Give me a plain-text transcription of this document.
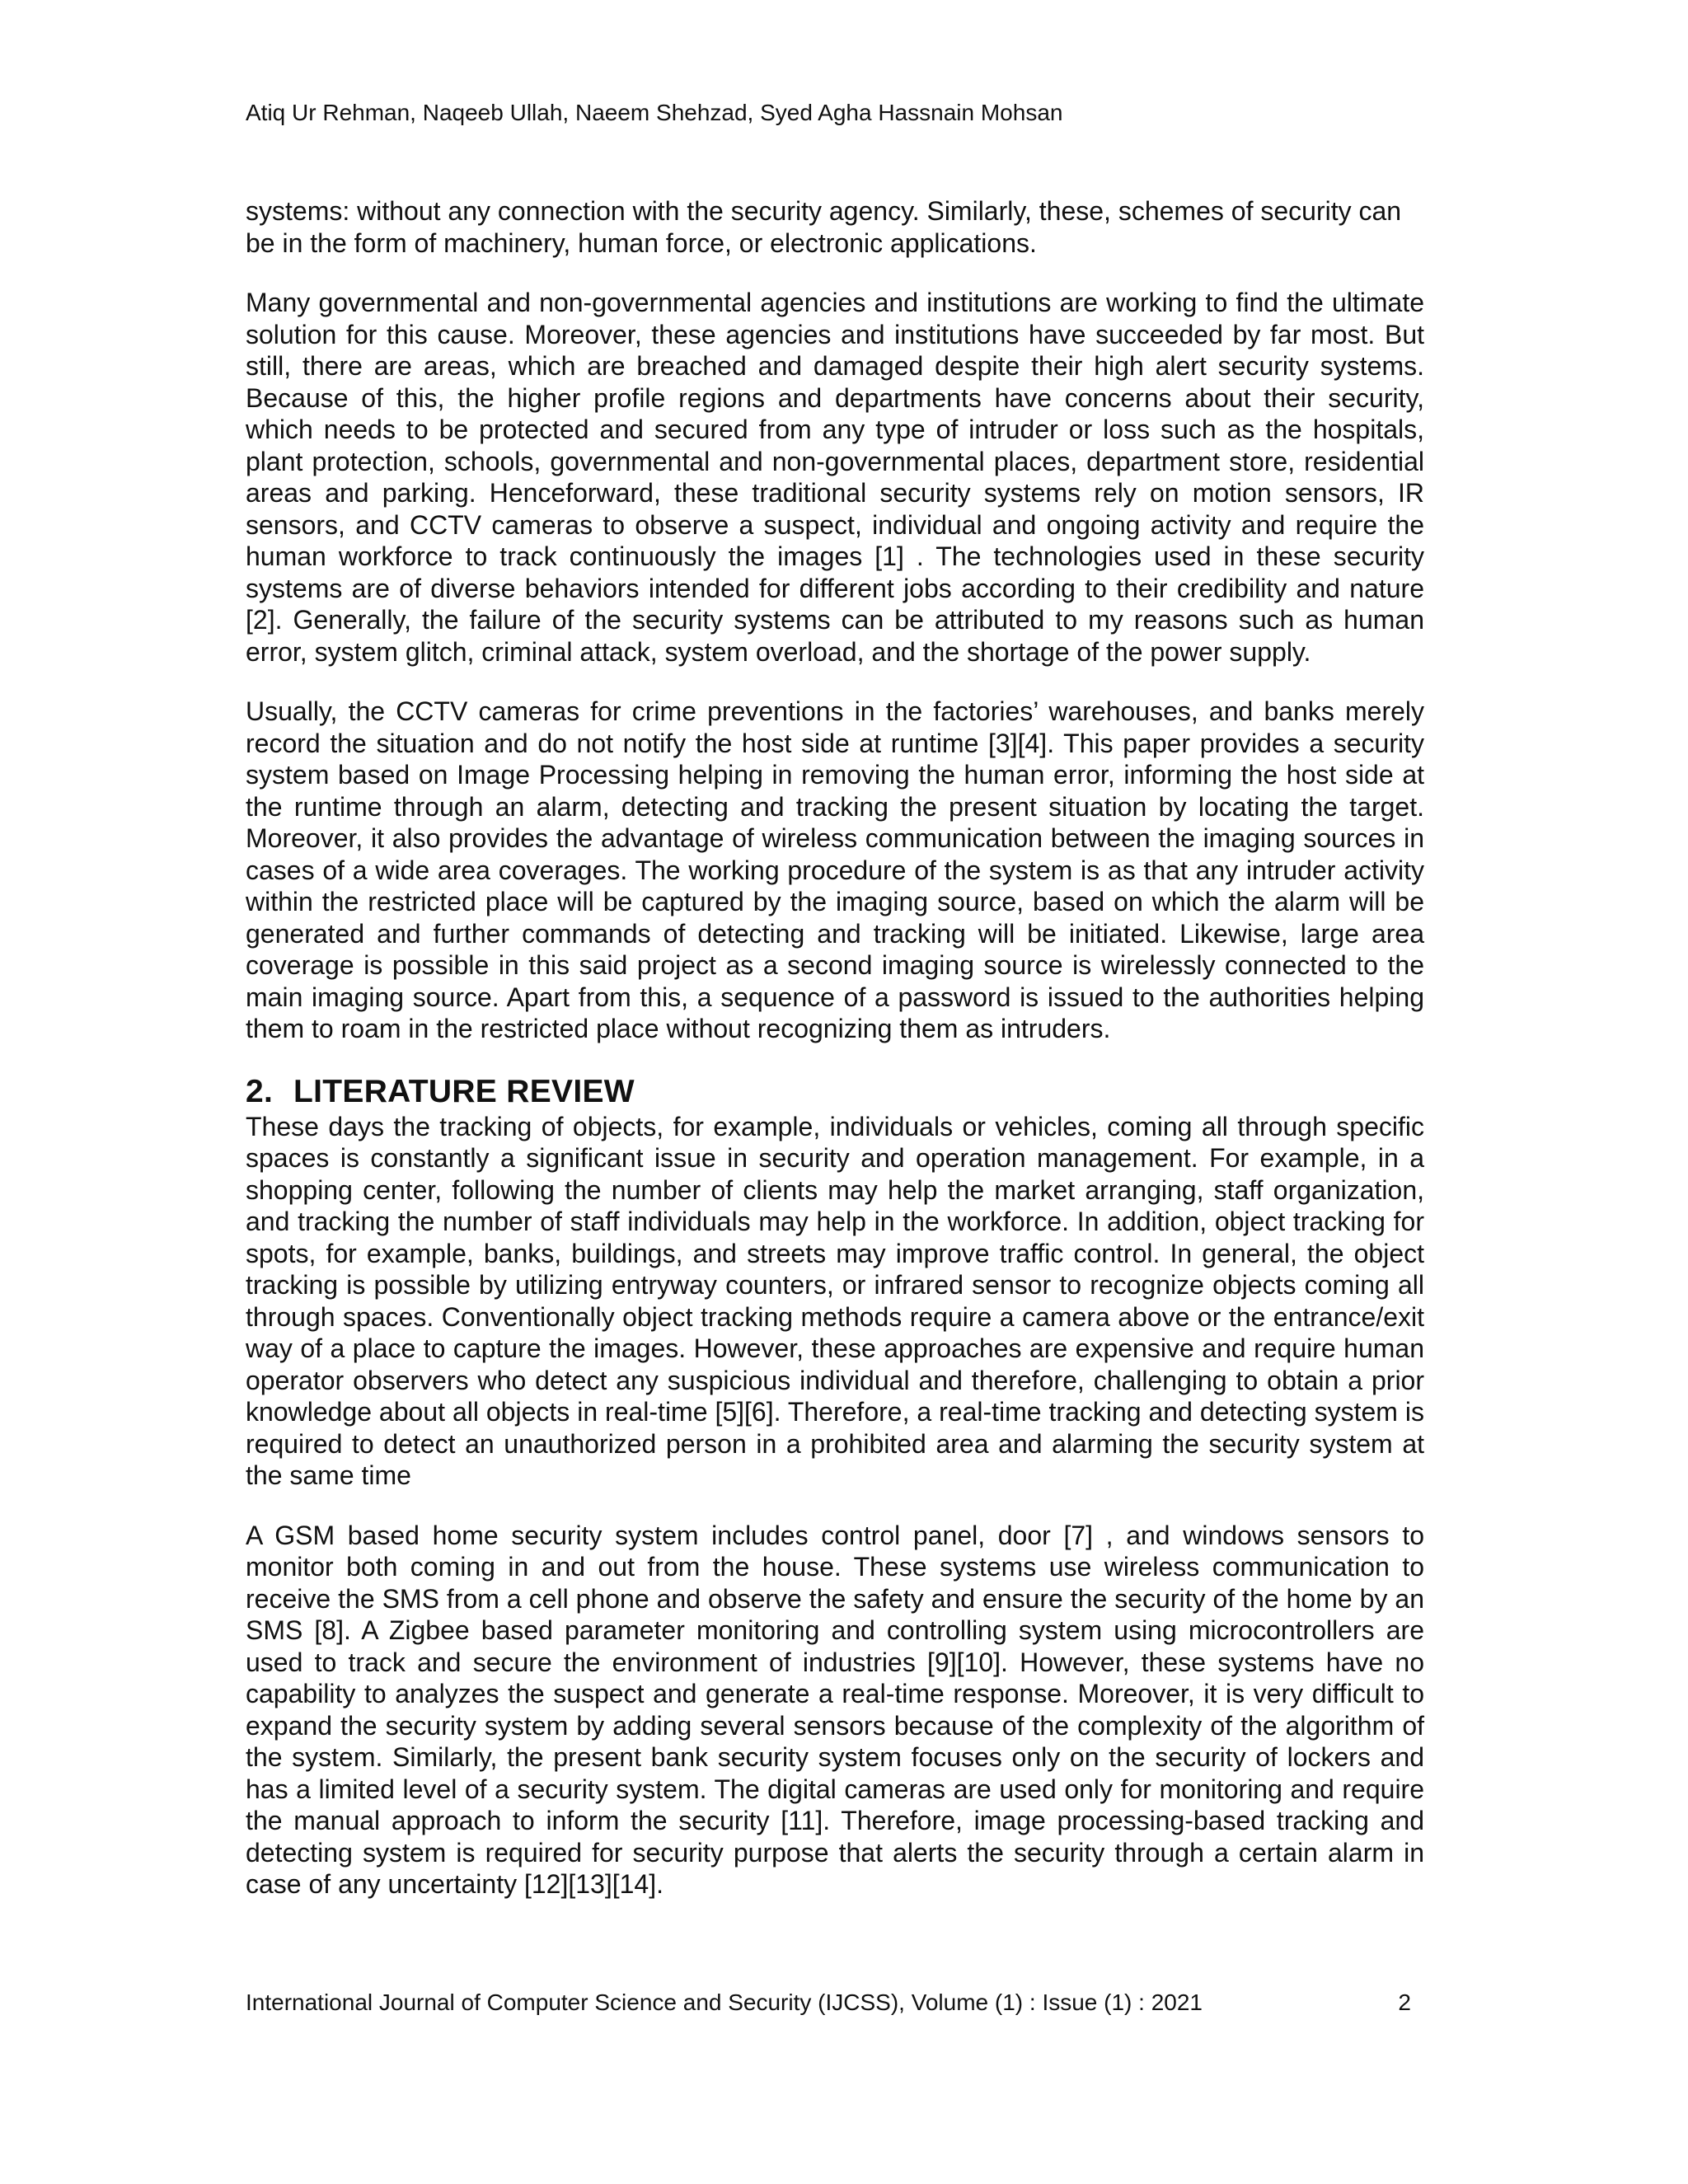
Atiq Ur Rehman, Naqeeb Ullah, Naeem Shehzad, Syed Agha Hassnain Mohsan

systems: without any connection with the security agency. Similarly, these, schemes of security can be in the form of machinery, human force, or electronic applications.

Many governmental and non-governmental agencies and institutions are working to find the ultimate solution for this cause. Moreover, these agencies and institutions have succeeded by far most. But still, there are areas, which are breached and damaged despite their high alert security systems. Because of this, the higher profile regions and departments have concerns about their security, which needs to be protected and secured from any type of intruder or loss such as the hospitals, plant protection, schools, governmental and non-governmental places, department store, residential areas and parking. Henceforward, these traditional security systems rely on motion sensors, IR sensors, and CCTV cameras to observe a suspect, individual and ongoing activity and require the human workforce to track continuously the images [1] . The technologies used in these security systems are of diverse behaviors intended for different jobs according to their credibility and nature [2]. Generally, the failure of the security systems can be attributed to my reasons such as human error, system glitch, criminal attack, system overload, and the shortage of the power supply.

Usually, the CCTV cameras for crime preventions in the factories’ warehouses, and banks merely record the situation and do not notify the host side at runtime [3][4]. This paper provides a security system based on Image Processing helping in removing the human error, informing the host side at the runtime through an alarm, detecting and tracking the present situation by locating the target. Moreover, it also provides the advantage of wireless communication between the imaging sources in cases of a wide area coverages. The working procedure of the system is as that any intruder activity within the restricted place will be captured by the imaging source, based on which the alarm will be generated and further commands of detecting and tracking will be initiated. Likewise, large area coverage is possible in this said project as a second imaging source is wirelessly connected to the main imaging source. Apart from this, a sequence of a password is issued to the authorities helping them to roam in the restricted place without recognizing them as intruders.

2. LITERATURE REVIEW

These days the tracking of objects, for example, individuals or vehicles, coming all through specific spaces is constantly a significant issue in security and operation management. For example, in a shopping center, following the number of clients may help the market arranging, staff organization, and tracking the number of staff individuals may help in the workforce. In addition, object tracking for spots, for example, banks, buildings, and streets may improve traffic control. In general, the object tracking is possible by utilizing entryway counters, or infrared sensor to recognize objects coming all through spaces. Conventionally object tracking methods require a camera above or the entrance/exit way of a place to capture the images. However, these approaches are expensive and require human operator observers who detect any suspicious individual and therefore, challenging to obtain a prior knowledge about all objects in real-time [5][6]. Therefore, a real-time tracking and detecting system is required to detect an unauthorized person in a prohibited area and alarming the security system at the same time

A GSM based home security system includes control panel, door [7] , and windows sensors to monitor both coming in and out from the house. These systems use wireless communication to receive the SMS from a cell phone and observe the safety and ensure the security of the home by an SMS [8]. A Zigbee based parameter monitoring and controlling system using microcontrollers are used to track and secure the environment of industries [9][10]. However, these systems have no capability to analyzes the suspect and generate a real-time response. Moreover, it is very difficult to expand the security system by adding several sensors because of the complexity of the algorithm of the system. Similarly, the present bank security system focuses only on the security of lockers and has a limited level of a security system. The digital cameras are used only for monitoring and require the manual approach to inform the security [11]. Therefore, image processing-based tracking and detecting system is required for security purpose that alerts the security through a certain alarm in case of any uncertainty [12][13][14].

International Journal of Computer Science and Security (IJCSS), Volume (1) : Issue (1) : 2021	2
